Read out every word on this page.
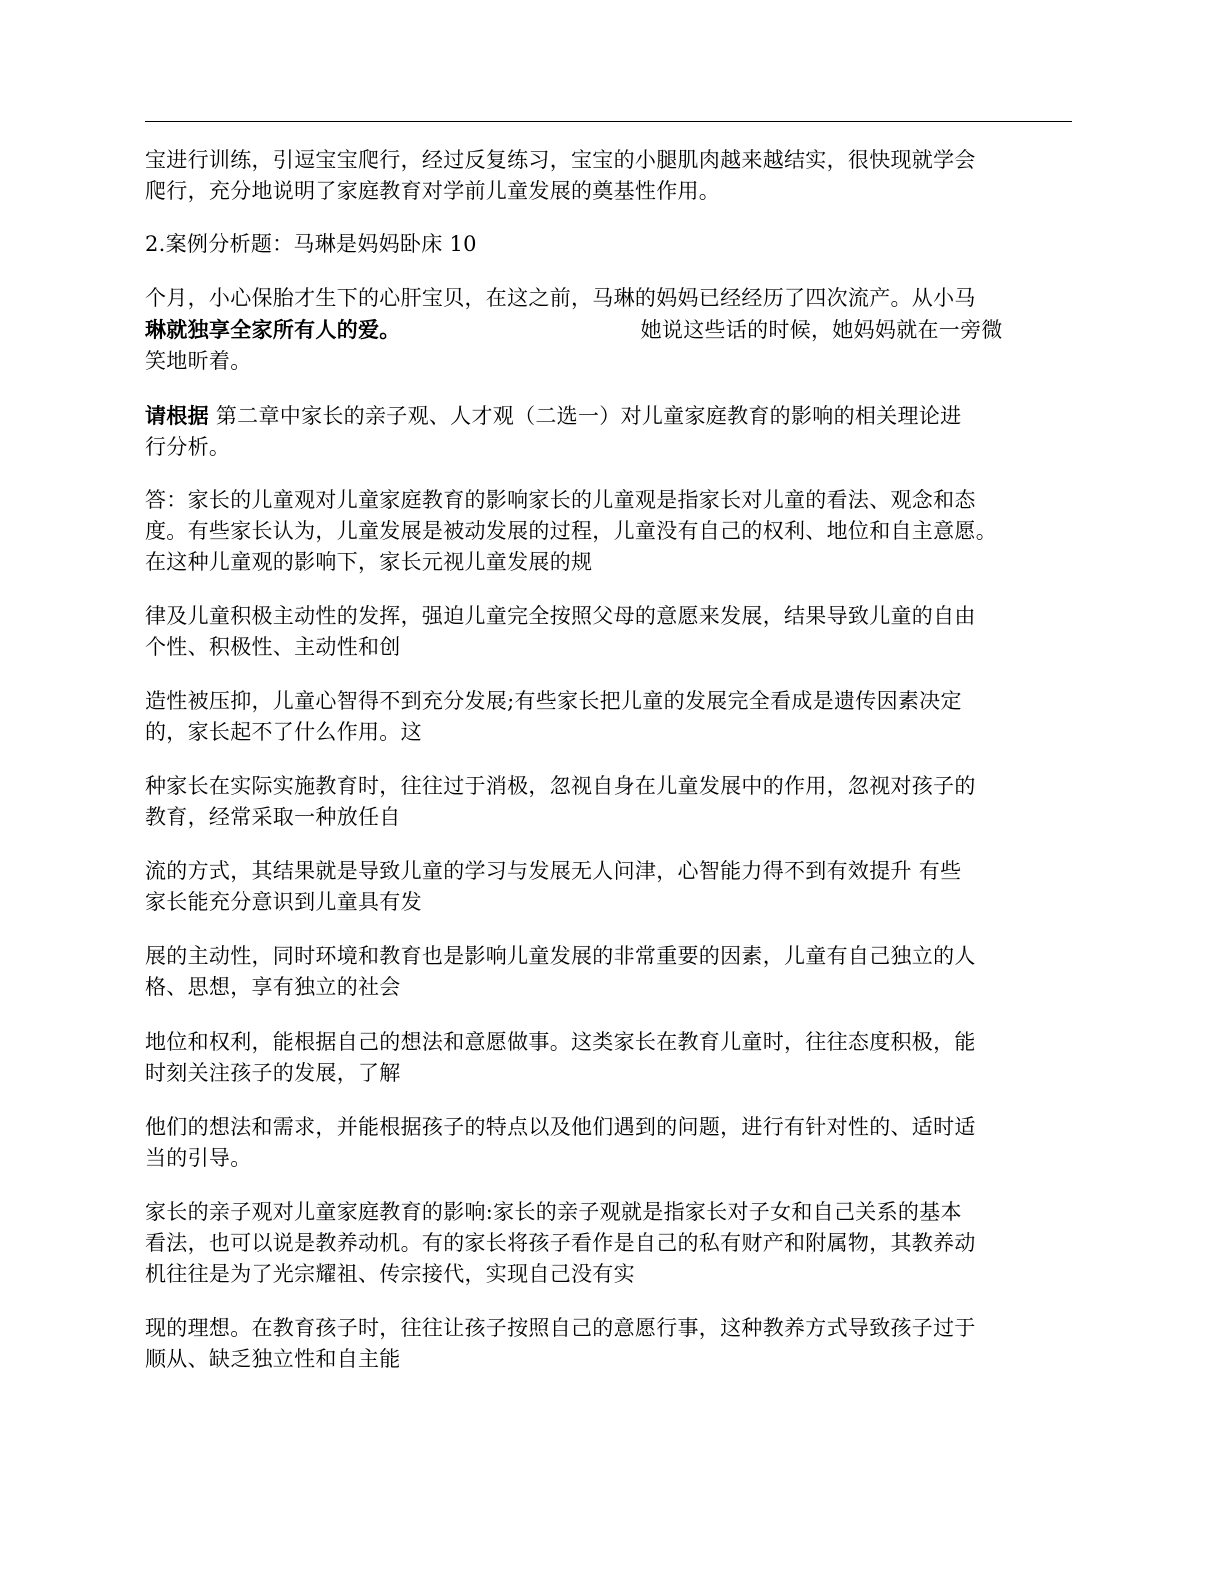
宝进行训练，引逗宝宝爬行，经过反复练习，宝宝的小腿肌肉越来越结实，很快现就学会
爬行，充分地说明了家庭教育对学前儿童发展的奠基性作用。
2.案例分析题：马琳是妈妈卧床 10
个月，小心保胎才生下的心肝宝贝，在这之前，马琳的妈妈已经经历了四次流产。从小马
琳就独享全家所有人的爱。	她说这些话的时候，她妈妈就在一旁微
笑地昕着。
请根据 第二章中家长的亲子观、人才观（二选一）对儿童家庭教育的影响的相关理论进
行分析。
答：家长的儿童观对儿童家庭教育的影响家长的儿童观是指家长对儿童的看法、观念和态
度。有些家长认为，儿童发展是被动发展的过程，儿童没有自己的权利、地位和自主意愿。
在这种儿童观的影响下，家长元视儿童发展的规
律及儿童积极主动性的发挥，强迫儿童完全按照父母的意愿来发展，结果导致儿童的自由
个性、积极性、主动性和创
造性被压抑，儿童心智得不到充分发展;有些家长把儿童的发展完全看成是遗传因素决定
的，家长起不了什么作用。这
种家长在实际实施教育时，往往过于消极，忽视自身在儿童发展中的作用，忽视对孩子的
教育，经常采取一种放任自
流的方式，其结果就是导致儿童的学习与发展无人问津，心智能力得不到有效提升 有些
家长能充分意识到儿童具有发
展的主动性，同时环境和教育也是影响儿童发展的非常重要的因素，儿童有自己独立的人
格、思想，享有独立的社会
地位和权利，能根据自己的想法和意愿做事。这类家长在教育儿童时，往往态度积极，能
时刻关注孩子的发展，了解
他们的想法和需求，并能根据孩子的特点以及他们遇到的问题，进行有针对性的、适时适
当的引导。
家长的亲子观对儿童家庭教育的影响:家长的亲子观就是指家长对子女和自己关系的基本
看法，也可以说是教养动机。有的家长将孩子看作是自己的私有财产和附属物，其教养动
机往往是为了光宗耀祖、传宗接代，实现自己没有实
现的理想。在教育孩子时，往往让孩子按照自己的意愿行事，这种教养方式导致孩子过于
顺从、缺乏独立性和自主能
